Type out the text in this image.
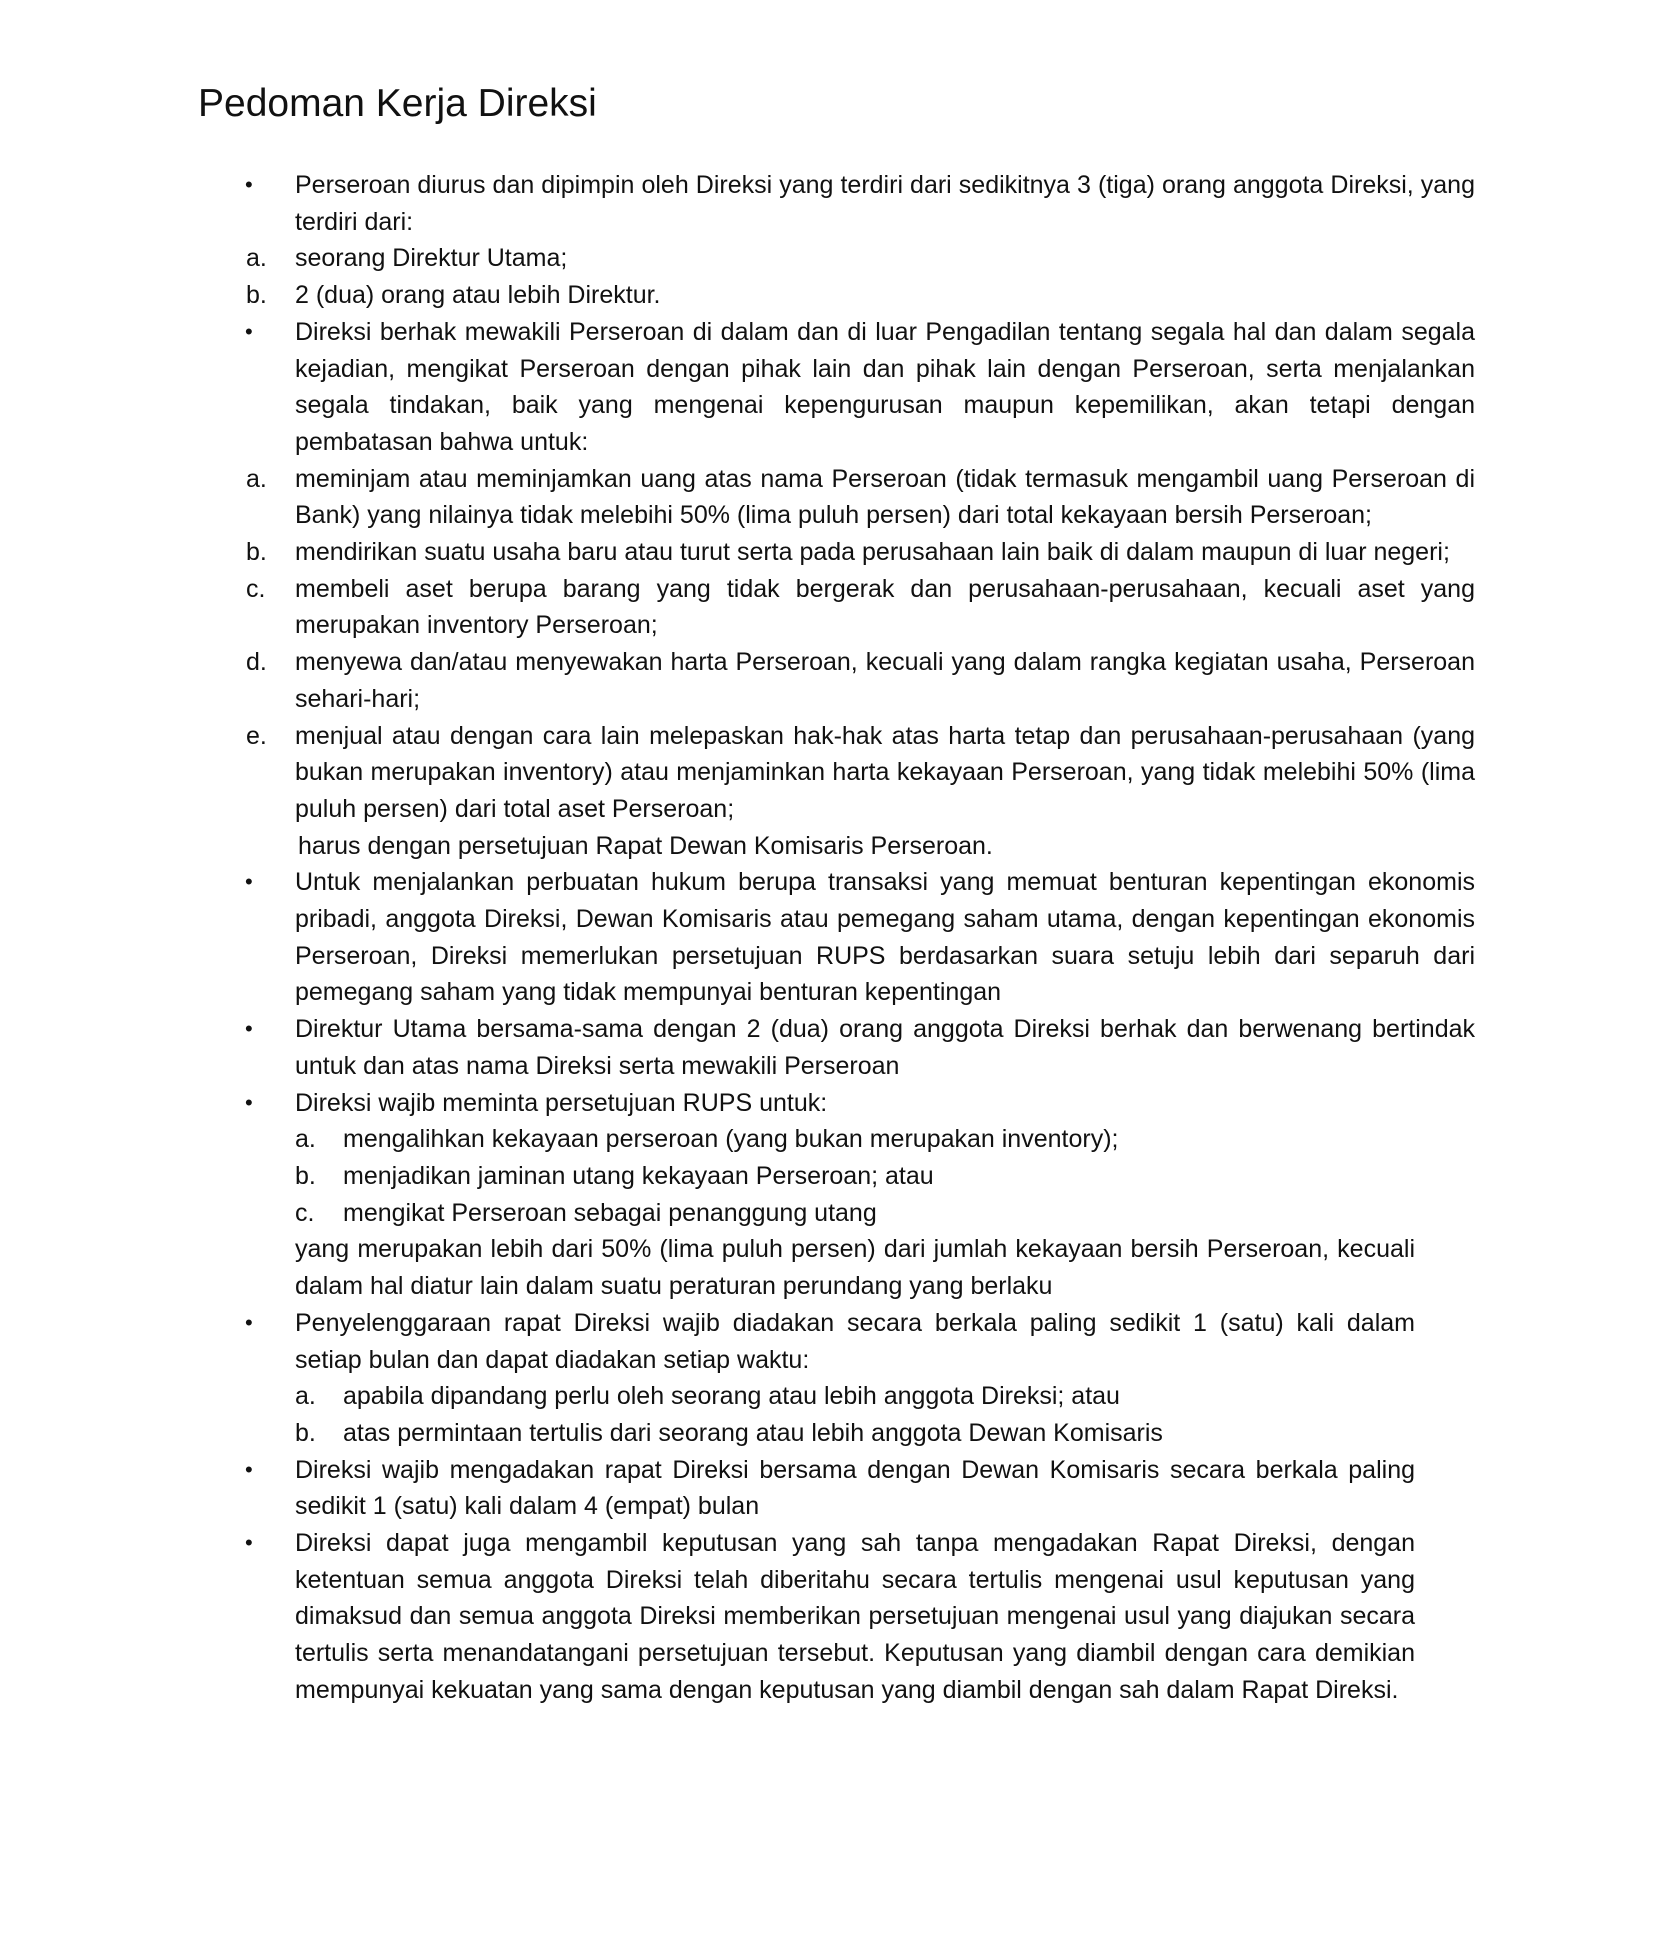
Pedoman Kerja Direksi
• Perseroan diurus dan dipimpin oleh Direksi yang terdiri dari sedikitnya 3 (tiga) orang anggota Direksi, yang terdiri dari:
a. seorang Direktur Utama;
b. 2 (dua) orang atau lebih Direktur.
• Direksi berhak mewakili Perseroan di dalam dan di luar Pengadilan tentang segala hal dan dalam segala kejadian, mengikat Perseroan dengan pihak lain dan pihak lain dengan Perseroan, serta menjalankan segala tindakan, baik yang mengenai kepengurusan maupun kepemilikan, akan tetapi dengan pembatasan bahwa untuk:
a. meminjam atau meminjamkan uang atas nama Perseroan (tidak termasuk mengambil uang Perseroan di Bank) yang nilainya tidak melebihi 50% (lima puluh persen) dari total kekayaan bersih Perseroan;
b. mendirikan suatu usaha baru atau turut serta pada perusahaan lain baik di dalam maupun di luar negeri;
c. membeli aset berupa barang yang tidak bergerak dan perusahaan-perusahaan, kecuali aset yang merupakan inventory Perseroan;
d. menyewa dan/atau menyewakan harta Perseroan, kecuali yang dalam rangka kegiatan usaha, Perseroan sehari-hari;
e. menjual atau dengan cara lain melepaskan hak-hak atas harta tetap dan perusahaan-perusahaan (yang bukan merupakan inventory) atau menjaminkan harta kekayaan Perseroan, yang tidak melebihi 50% (lima puluh persen) dari total aset Perseroan;
harus dengan persetujuan Rapat Dewan Komisaris Perseroan.
• Untuk menjalankan perbuatan hukum berupa transaksi yang memuat benturan kepentingan ekonomis pribadi, anggota Direksi, Dewan Komisaris atau pemegang saham utama, dengan kepentingan ekonomis Perseroan, Direksi memerlukan persetujuan RUPS berdasarkan suara setuju lebih dari separuh dari pemegang saham yang tidak mempunyai benturan kepentingan
• Direktur Utama bersama-sama dengan 2 (dua) orang anggota Direksi berhak dan berwenang bertindak untuk dan atas nama Direksi serta mewakili Perseroan
• Direksi wajib meminta persetujuan RUPS untuk:
a. mengalihkan kekayaan perseroan (yang bukan merupakan inventory);
b. menjadikan jaminan utang kekayaan Perseroan; atau
c. mengikat Perseroan sebagai penanggung utang
yang merupakan lebih dari 50% (lima puluh persen) dari jumlah kekayaan bersih Perseroan, kecuali dalam hal diatur lain dalam suatu peraturan perundang yang berlaku
• Penyelenggaraan rapat Direksi wajib diadakan secara berkala paling sedikit 1 (satu) kali dalam setiap bulan dan dapat diadakan setiap waktu:
a. apabila dipandang perlu oleh seorang atau lebih anggota Direksi; atau
b. atas permintaan tertulis dari seorang atau lebih anggota Dewan Komisaris
• Direksi wajib mengadakan rapat Direksi bersama dengan Dewan Komisaris secara berkala paling sedikit 1 (satu) kali dalam 4 (empat) bulan
• Direksi dapat juga mengambil keputusan yang sah tanpa mengadakan Rapat Direksi, dengan ketentuan semua anggota Direksi telah diberitahu secara tertulis mengenai usul keputusan yang dimaksud dan semua anggota Direksi memberikan persetujuan mengenai usul yang diajukan secara tertulis serta menandatangani persetujuan tersebut. Keputusan yang diambil dengan cara demikian mempunyai kekuatan yang sama dengan keputusan yang diambil dengan sah dalam Rapat Direksi.
